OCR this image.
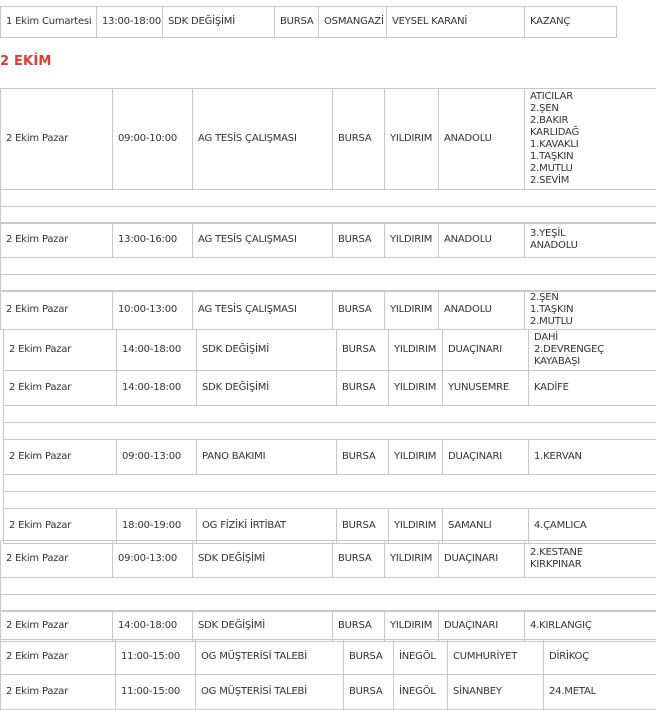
1 Ekim Cumartesi	13:00-18:00	SDK DEĞİŞİMİ	BURSA	OSMANGAZİ	VEYSEL KARANİ	KAZANÇ
2 EKİM
2 Ekim Pazar	09:00-10:00	AG TESİS ÇALIŞMASI	BURSA	YILDIRIM	ANADOLU	ATICILAR
2.ŞEN
2.BAKIR
KARLIDAĞ
1.KAVAKLI
1.TAŞKIN
2.MUTLU
2.SEVİM

2 Ekim Pazar	13:00-16:00	AG TESİS ÇALIŞMASI	BURSA	YILDIRIM	ANADOLU	3.YEŞİL
ANADOLU

2 Ekim Pazar	10:00-13:00	AG TESİS ÇALIŞMASI	BURSA	YILDIRIM	ANADOLU	2.ŞEN
1.TAŞKIN
2.MUTLU
2 Ekim Pazar	14:00-18:00	SDK DEĞİŞİMİ	BURSA	YILDIRIM	DUAÇINARI	DAHİ
2.DEVRENGEÇ
KAYABAŞI
2 Ekim Pazar	14:00-18:00	SDK DEĞİŞİMİ	BURSA	YILDIRIM	YUNUSEMRE	KADİFE

2 Ekim Pazar	09:00-13:00	PANO BAKIMI	BURSA	YILDIRIM	DUAÇINARI	1.KERVAN

2 Ekim Pazar	18:00-19:00	OG FİZİKİ İRTİBAT	BURSA	YILDIRIM	SAMANLI	4.ÇAMLICA
2 Ekim Pazar	09:00-13:00	SDK DEĞİŞİMİ	BURSA	YILDIRIM	DUAÇINARI	2.KESTANE
KIRKPINAR

2 Ekim Pazar	14:00-18:00	SDK DEĞİŞİMİ	BURSA	YILDIRIM	DUAÇINARI	4.KIRLANGIÇ
2 Ekim Pazar	11:00-15:00	OG MÜŞTERİSİ TALEBİ	BURSA	İNEGÖL	CUMHURİYET	DİRİKOÇ
2 Ekim Pazar	11:00-15:00	OG MÜŞTERİSİ TALEBİ	BURSA	İNEGÖL	SİNANBEY	24.METAL
